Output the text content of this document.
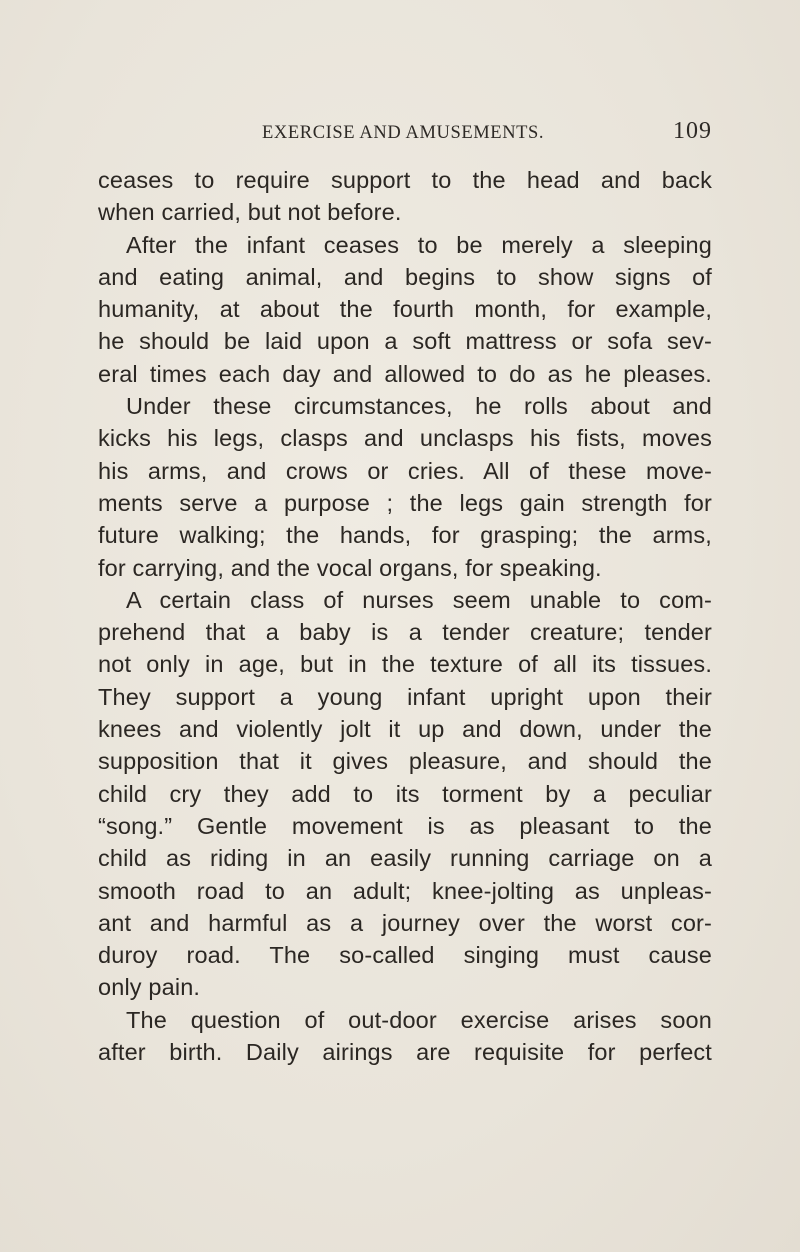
EXERCISE AND AMUSEMENTS.	109
ceases to require support to the head and back
when carried, but not before.
After the infant ceases to be merely a sleeping
and eating animal, and begins to show signs of
humanity, at about the fourth month, for example,
he should be laid upon a soft mattress or sofa sev-
eral times each day and allowed to do as he pleases.
Under these circumstances, he rolls about and
kicks his legs, clasps and unclasps his fists, moves
his arms, and crows or cries. All of these move-
ments serve a purpose ; the legs gain strength for
future walking; the hands, for grasping; the arms,
for carrying, and the vocal organs, for speaking.
A certain class of nurses seem unable to com-
prehend that a baby is a tender creature; tender
not only in age, but in the texture of all its tissues.
They support a young infant upright upon their
knees and violently jolt it up and down, under the
supposition that it gives pleasure, and should the
child cry they add to its torment by a peculiar
“song.” Gentle movement is as pleasant to the
child as riding in an easily running carriage on a
smooth road to an adult; knee-jolting as unpleas-
ant and harmful as a journey over the worst cor-
duroy road. The so-called singing must cause
only pain.
The question of out-door exercise arises soon
after birth. Daily airings are requisite for perfect
